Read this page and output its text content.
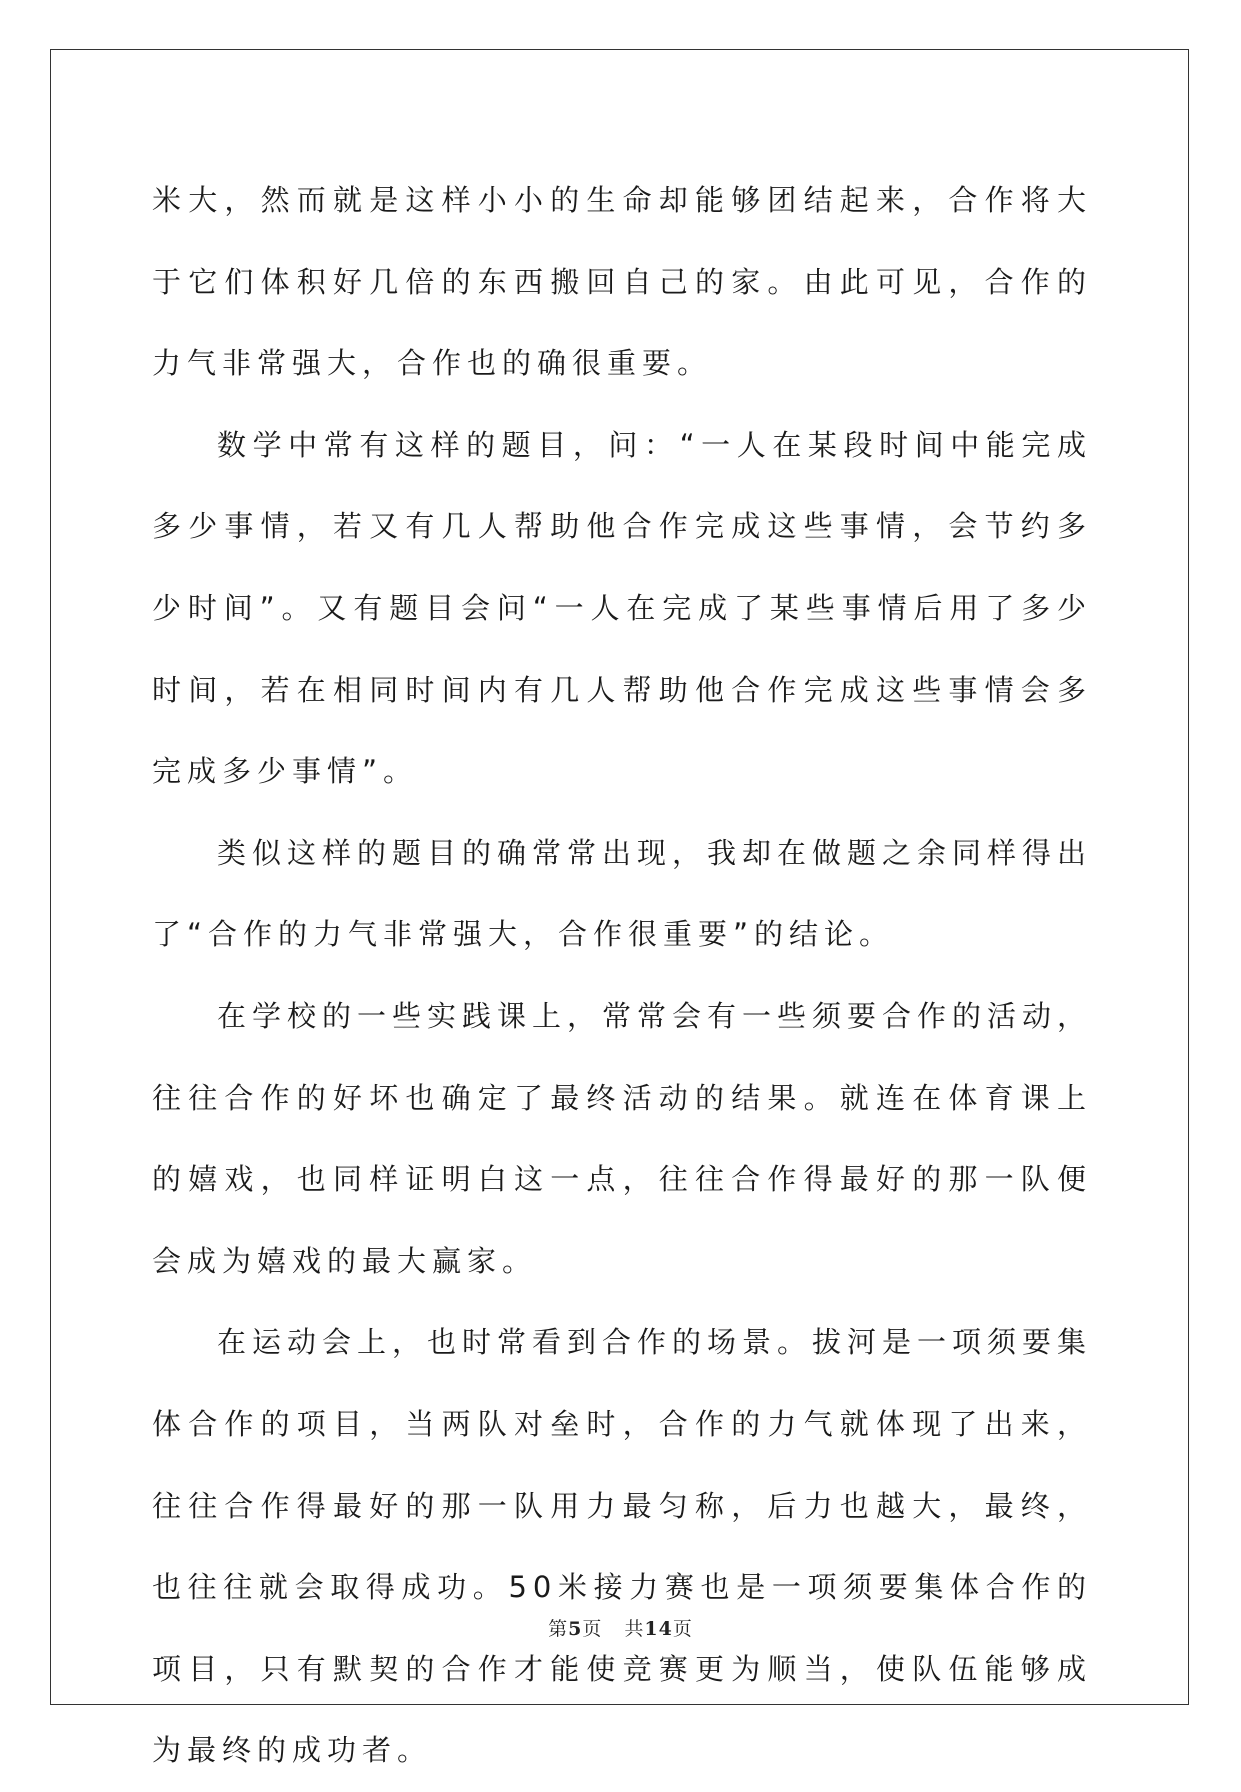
米大，然而就是这样小小的生命却能够团结起来，合作将大于它们体积好几倍的东西搬回自己的家。由此可见，合作的力气非常强大，合作也的确很重要。

数学中常有这样的题目，问：“一人在某段时间中能完成多少事情，若又有几人帮助他合作完成这些事情，会节约多少时间”。又有题目会问“一人在完成了某些事情后用了多少时间，若在相同时间内有几人帮助他合作完成这些事情会多完成多少事情”。

类似这样的题目的确常常出现，我却在做题之余同样得出了“合作的力气非常强大，合作很重要”的结论。

在学校的一些实践课上，常常会有一些须要合作的活动，往往合作的好坏也确定了最终活动的结果。就连在体育课上的嬉戏，也同样证明白这一点，往往合作得最好的那一队便会成为嬉戏的最大赢家。

在运动会上，也时常看到合作的场景。拔河是一项须要集体合作的项目，当两队对垒时，合作的力气就体现了出来，往往合作得最好的那一队用力最匀称，后力也越大，最终，也往往就会取得成功。50米接力赛也是一项须要集体合作的项目，只有默契的合作才能使竞赛更为顺当，使队伍能够成为最终的成功者。

第5页 共14页
